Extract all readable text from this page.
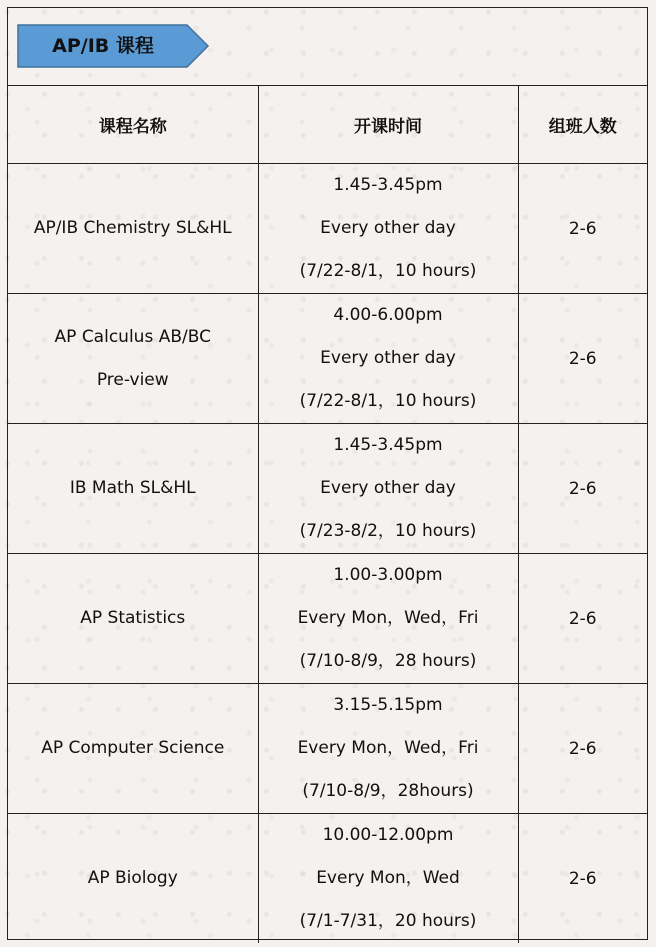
AP/IB 课程
课程名称	开课时间	组班人数

AP/IB Chemistry SL&HL	1.45-3.45pm
Every other day
(7/22-8/1，10 hours)	2-6

AP Calculus AB/BC
Pre-view	4.00-6.00pm
Every other day
(7/22-8/1，10 hours)	2-6

IB Math SL&HL	1.45-3.45pm
Every other day
(7/23-8/2，10 hours)	2-6

AP Statistics	1.00-3.00pm
Every Mon，Wed，Fri
(7/10-8/9，28 hours)	2-6

AP Computer Science	3.15-5.15pm
Every Mon，Wed，Fri
(7/10-8/9，28hours)	2-6

AP Biology	10.00-12.00pm
Every Mon，Wed
(7/1-7/31，20 hours)	2-6
